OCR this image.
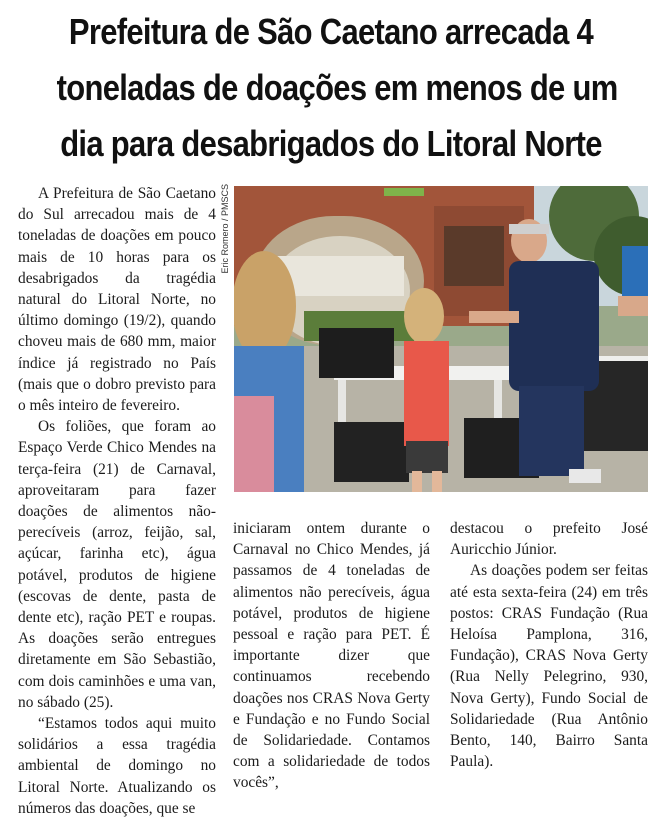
Prefeitura de São Caetano arrecada 4
toneladas de doações em menos de um
dia para desabrigados do Litoral Norte

A Prefeitura de São Caetano do Sul arrecadou mais de 4 toneladas de doações em pouco mais de 10 horas para os desabrigados da tragédia natural do Litoral Norte, no último domingo (19/2), quando choveu mais de 680 mm, maior índice já registrado no País (mais que o dobro previsto para o mês inteiro de fevereiro.

Os foliões, que foram ao Espaço Verde Chico Mendes na terça-feira (21) de Carnaval, aproveitaram para fazer doações de alimentos não-perecíveis (arroz, feijão, sal, açúcar, farinha etc), água potável, produtos de higiene (escovas de dente, pasta de dente etc), ração PET e roupas. As doações serão entregues diretamente em São Sebastião, com dois caminhões e uma van, no sábado (25).

“Estamos todos aqui muito solidários a essa tragédia ambiental de domingo no Litoral Norte. Atualizando os números das doações, que se

Eric Romero / PMSCS

iniciaram ontem durante o Carnaval no Chico Mendes, já passamos de 4 toneladas de alimentos não perecíveis, água potável, produtos de higiene pessoal e ração para PET. É importante dizer que continuamos recebendo doações nos CRAS Nova Gerty e Fundação e no Fundo Social de Solidariedade. Contamos com a solidariedade de todos vocês”,

destacou o prefeito José Auricchio Júnior.

As doações podem ser feitas até esta sexta-feira (24) em três postos: CRAS Fundação (Rua Heloísa Pamplona, 316, Fundação), CRAS Nova Gerty (Rua Nelly Pelegrino, 930, Nova Gerty), Fundo Social de Solidariedade (Rua Antônio Bento, 140, Bairro Santa Paula).
